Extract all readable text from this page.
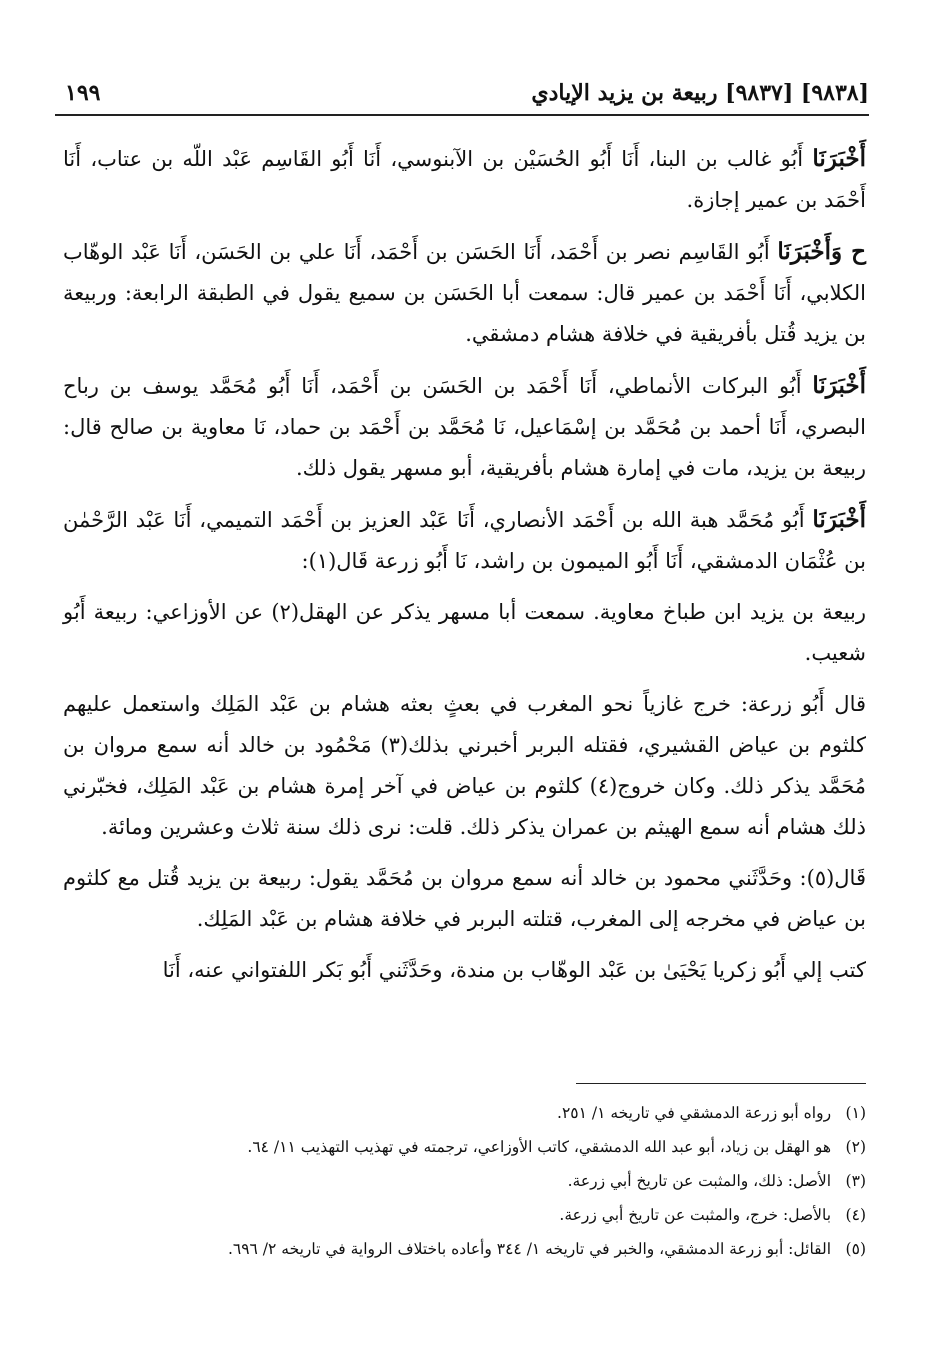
[٩٨٣٨] [٩٨٣٧] ربيعة بن يزيد الإيادي
١٩٩

أَخْبَرَنَا أَبُو غالب بن البنا، أَنَا أَبُو الحُسَيْن بن الآبنوسي، أَنَا أَبُو القَاسِم عَبْد اللّه بن عتاب، أَنَا أَحْمَد بن عمير إجازة.

ح وَأَخْبَرَنَا أَبُو القَاسِم نصر بن أَحْمَد، أَنَا الحَسَن بن أَحْمَد، أَنَا علي بن الحَسَن، أَنَا عَبْد الوهّاب الكلابي، أَنَا أَحْمَد بن عمير قال: سمعت أبا الحَسَن بن سميع يقول في الطبقة الرابعة: وربيعة بن يزيد قُتل بأفريقية في خلافة هشام دمشقي.

أَخْبَرَنَا أَبُو البركات الأنماطي، أَنَا أَحْمَد بن الحَسَن بن أَحْمَد، أَنَا أَبُو مُحَمَّد يوسف بن رباح البصري، أَنَا أحمد بن مُحَمَّد بن إسْمَاعيل، نَا مُحَمَّد بن أَحْمَد بن حماد، نَا معاوية بن صالح قال: ربيعة بن يزيد، مات في إمارة هشام بأفريقية، أبو مسهر يقول ذلك.

أَخْبَرَنَا أَبُو مُحَمَّد هبة الله بن أَحْمَد الأنصاري، أَنَا عَبْد العزيز بن أَحْمَد التميمي، أَنَا عَبْد الرَّحْمٰن بن عُثْمَان الدمشقي، أَنَا أَبُو الميمون بن راشد، نَا أَبُو زرعة قَال(١):

ربيعة بن يزيد ابن طباخ معاوية. سمعت أبا مسهر يذكر عن الهقل(٢) عن الأوزاعي: ربيعة أَبُو شعيب.

قال أَبُو زرعة: خرج غازياً نحو المغرب في بعثٍ بعثه هشام بن عَبْد المَلِك واستعمل عليهم كلثوم بن عياض القشيري، فقتله البربر أخبرني بذلك(٣) مَحْمُود بن خالد أنه سمع مروان بن مُحَمَّد يذكر ذلك. وكان خروج(٤) كلثوم بن عياض في آخر إمرة هشام بن عَبْد المَلِك، فخبّرني ذلك هشام أنه سمع الهيثم بن عمران يذكر ذلك. قلت: نرى ذلك سنة ثلاث وعشرين ومائة.

قَال(٥): وحَدَّثَني محمود بن خالد أنه سمع مروان بن مُحَمَّد يقول: ربيعة بن يزيد قُتل مع كلثوم بن عياض في مخرجه إلى المغرب، قتلته البربر في خلافة هشام بن عَبْد المَلِك.

كتب إلي أَبُو زكريا يَحْيَىٰ بن عَبْد الوهّاب بن مندة، وحَدَّثَني أَبُو بَكر اللفتواني عنه، أَنَا

(١) رواه أبو زرعة الدمشقي في تاريخه ١/ ٢٥١.

(٢) هو الهقل بن زياد، أبو عبد الله الدمشقي، كاتب الأوزاعي، ترجمته في تهذيب التهذيب ١١/ ٦٤.

(٣) الأصل: ذلك، والمثبت عن تاريخ أبي زرعة.

(٤) بالأصل: خرج، والمثبت عن تاريخ أبي زرعة.

(٥) القائل: أبو زرعة الدمشقي، والخبر في تاريخه ١/ ٣٤٤ وأعاده باختلاف الرواية في تاريخه ٢/ ٦٩٦.
